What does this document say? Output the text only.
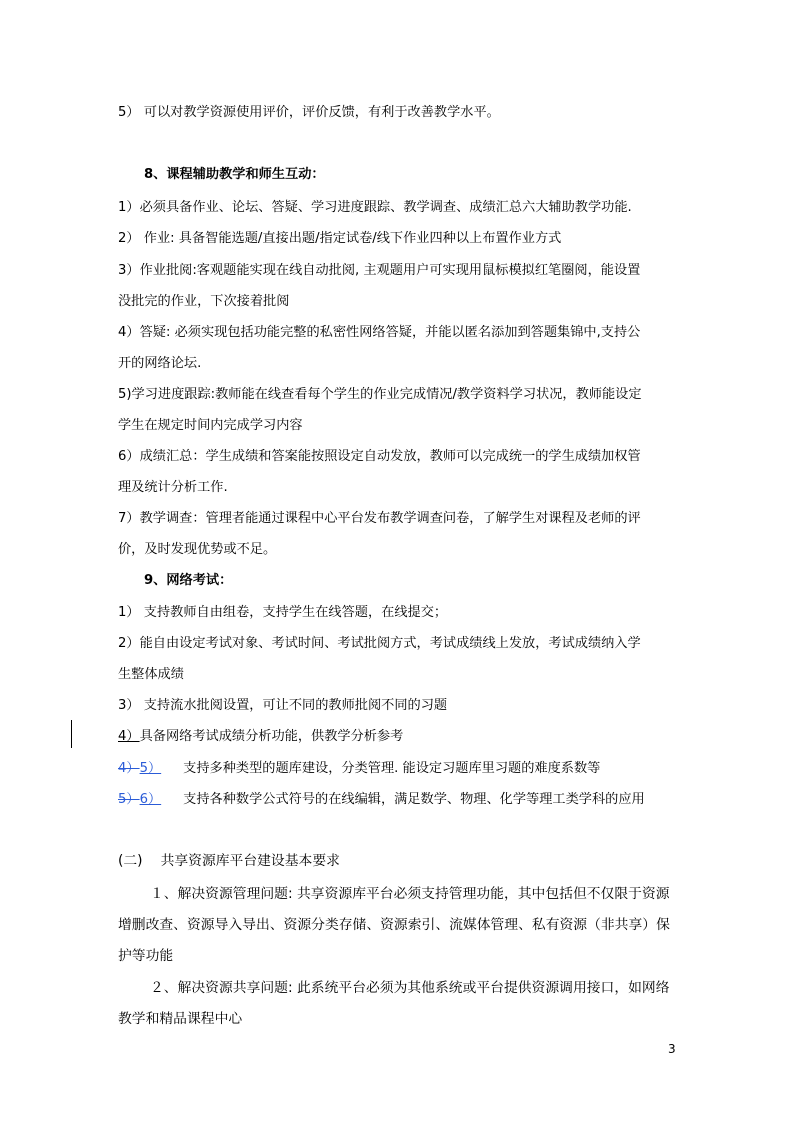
5） 可以对教学资源使用评价，评价反馈，有利于改善教学水平。
8、课程辅助教学和师生互动：
1）必须具备作业、论坛、答疑、学习进度跟踪、教学调查、成绩汇总六大辅助教学功能.
2） 作业: 具备智能选题/直接出题/指定试卷/线下作业四种以上布置作业方式
3）作业批阅:客观题能实现在线自动批阅, 主观题用户可实现用鼠标模拟红笔圈阅，能设置
没批完的作业，下次接着批阅
4）答疑: 必须实现包括功能完整的私密性网络答疑，并能以匿名添加到答题集锦中,支持公
开的网络论坛.
5)学习进度跟踪:教师能在线查看每个学生的作业完成情况/教学资料学习状况，教师能设定
学生在规定时间内完成学习内容
6）成绩汇总：学生成绩和答案能按照设定自动发放，教师可以完成统一的学生成绩加权管
理及统计分析工作.
7）教学调查：管理者能通过课程中心平台发布教学调查问卷，了解学生对课程及老师的评
价，及时发现优势或不足。
9、网络考试：
1） 支持教师自由组卷，支持学生在线答题，在线提交；
2）能自由设定考试对象、考试时间、考试批阅方式，考试成绩线上发放，考试成绩纳入学
生整体成绩
3） 支持流水批阅设置，可让不同的教师批阅不同的习题
4）具备网络考试成绩分析功能，供教学分析参考
4）5） 支持多种类型的题库建设，分类管理. 能设定习题库里习题的难度系数等
5）6） 支持各种数学公式符号的在线编辑，满足数学、物理、化学等理工类学科的应用
(二) 共享资源库平台建设基本要求
１、解决资源管理问题: 共享资源库平台必须支持管理功能，其中包括但不仅限于资源
增删改查、资源导入导出、资源分类存储、资源索引、流媒体管理、私有资源（非共享）保
护等功能
２、解决资源共享问题: 此系统平台必须为其他系统或平台提供资源调用接口，如网络
教学和精品课程中心
3
